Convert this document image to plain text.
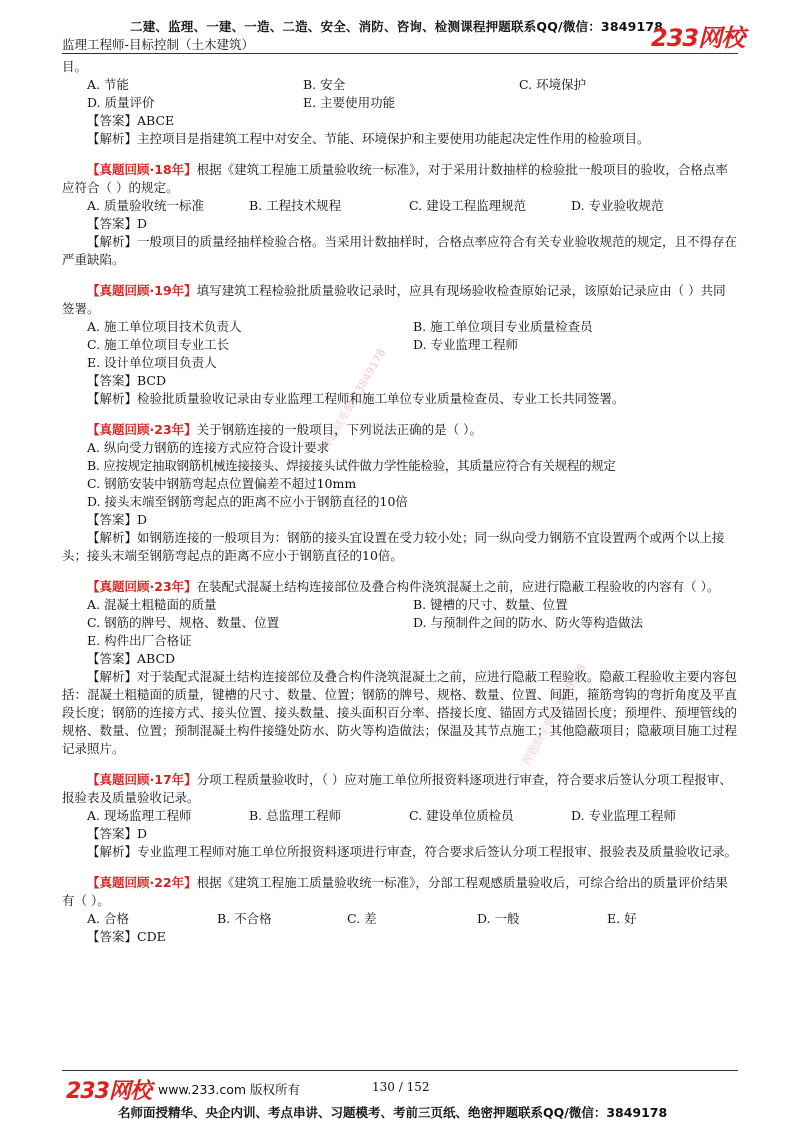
二建、监理、一建、一造、二造、安全、消防、咨询、检测课程押题联系QQ/微信：3849178
监理工程师-目标控制（土木建筑）	233网校
押题联系微信3849178
押题联系微信3849178

目。

A. 节能	B. 安全	C. 环境保护
D. 质量评价	E. 主要使用功能

【答案】ABCE

【解析】主控项目是指建筑工程中对安全、节能、环境保护和主要使用功能起决定性作用的检验项目。

【真题回顾·18年】根据《建筑工程施工质量验收统一标准》，对于采用计数抽样的检验批一般项目的验收，合格点率应符合（ ）的规定。

A. 质量验收统一标准	B. 工程技术规程	C. 建设工程监理规范	D. 专业验收规范

【答案】D

【解析】一般项目的质量经抽样检验合格。当采用计数抽样时，合格点率应符合有关专业验收规范的规定，且不得存在严重缺陷。

【真题回顾·19年】填写建筑工程检验批质量验收记录时，应具有现场验收检查原始记录，该原始记录应由（ ）共同签署。

A. 施工单位项目技术负责人	B. 施工单位项目专业质量检查员
C. 施工单位项目专业工长	D. 专业监理工程师
E. 设计单位项目负责人

【答案】BCD

【解析】检验批质量验收记录由专业监理工程师和施工单位专业质量检查员、专业工长共同签署。

【真题回顾·23年】关于钢筋连接的一般项目，下列说法正确的是（ ）。

A. 纵向受力钢筋的连接方式应符合设计要求

B. 应按规定抽取钢筋机械连接接头、焊接接头试件做力学性能检验，其质量应符合有关规程的规定

C. 钢筋安装中钢筋弯起点位置偏差不超过10mm

D. 接头末端至钢筋弯起点的距离不应小于钢筋直径的10倍

【答案】D

【解析】如钢筋连接的一般项目为：钢筋的接头宜设置在受力较小处；同一纵向受力钢筋不宜设置两个或两个以上接头；接头末端至钢筋弯起点的距离不应小于钢筋直径的10倍。

【真题回顾·23年】在装配式混凝土结构连接部位及叠合构件浇筑混凝土之前，应进行隐蔽工程验收的内容有（ ）。

A. 混凝土粗糙面的质量	B. 键槽的尺寸、数量、位置
C. 钢筋的牌号、规格、数量、位置	D. 与预制件之间的防水、防火等构造做法
E. 构件出厂合格证

【答案】ABCD

【解析】对于装配式混凝土结构连接部位及叠合构件浇筑混凝土之前，应进行隐蔽工程验收。隐蔽工程验收主要内容包括：混凝土粗糙面的质量，键槽的尺寸、数量、位置；钢筋的牌号、规格、数量、位置、间距，箍筋弯钩的弯折角度及平直段长度；钢筋的连接方式、接头位置、接头数量、接头面积百分率、搭接长度、锚固方式及锚固长度；预埋件、预埋管线的规格、数量、位置；预制混凝土构件接缝处防水、防火等构造做法；保温及其节点施工；其他隐蔽项目；隐蔽项目施工过程记录照片。

【真题回顾·17年】分项工程质量验收时，（ ）应对施工单位所报资料逐项进行审查，符合要求后签认分项工程报审、报验表及质量验收记录。

A. 现场监理工程师	B. 总监理工程师	C. 建设单位质检员	D. 专业监理工程师

【答案】D

【解析】专业监理工程师对施工单位所报资料逐项进行审查，符合要求后签认分项工程报审、报验表及质量验收记录。

【真题回顾·22年】根据《建筑工程施工质量验收统一标准》，分部工程观感质量验收后，可综合给出的质量评价结果有（ ）。

A. 合格	B. 不合格	C. 差	D. 一般	E. 好

【答案】CDE

233网校 www.233.com 版权所有	130 / 152
名师面授精华、央企内训、考点串讲、习题模考、考前三页纸、绝密押题联系QQ/微信：3849178
